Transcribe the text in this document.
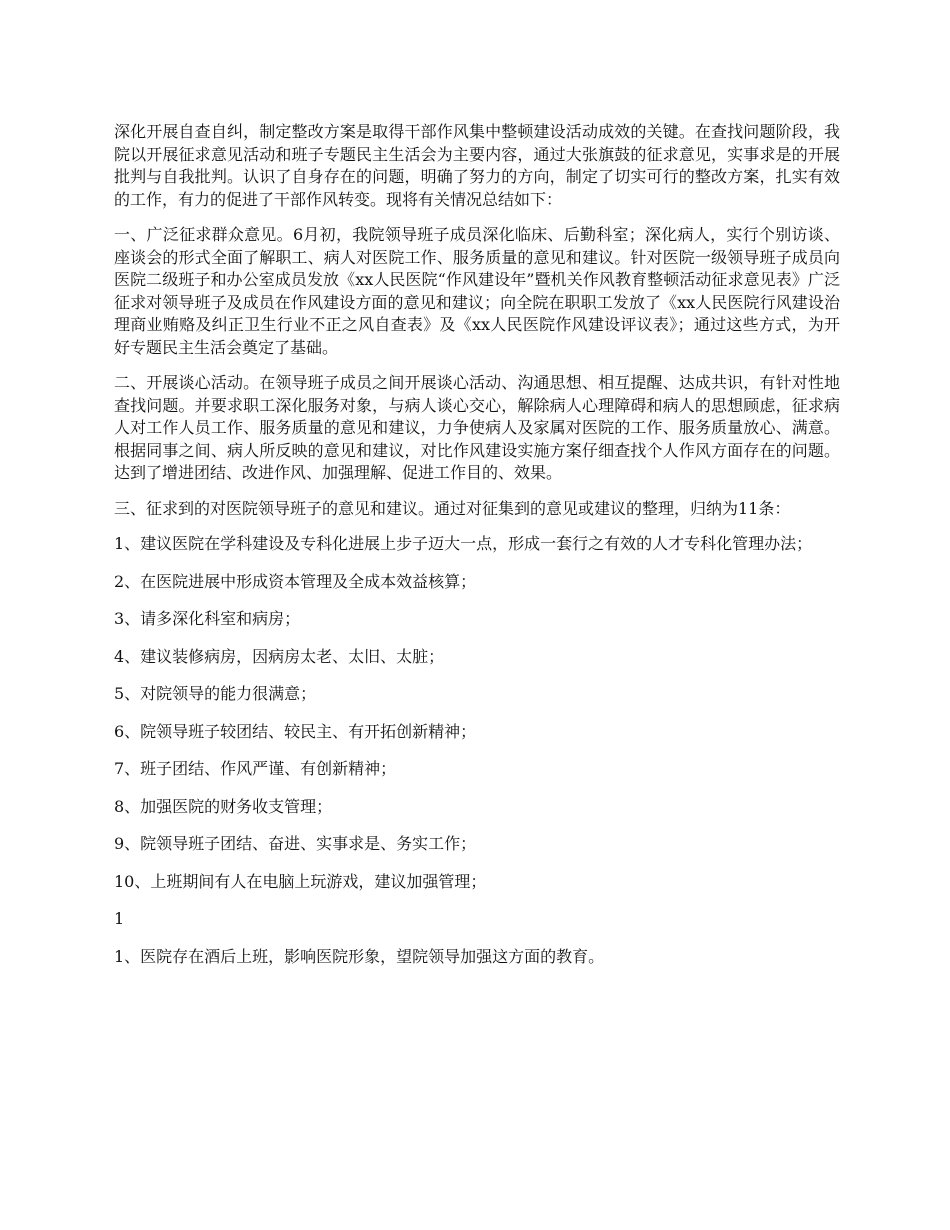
深化开展自查自纠，制定整改方案是取得干部作风集中整顿建设活动成效的关键。在查找问题阶段，我院以开展征求意见活动和班子专题民主生活会为主要内容，通过大张旗鼓的征求意见，实事求是的开展批判与自我批判。认识了自身存在的问题，明确了努力的方向，制定了切实可行的整改方案，扎实有效的工作，有力的促进了干部作风转变。现将有关情况总结如下：

一、广泛征求群众意见。6月初，我院领导班子成员深化临床、后勤科室；深化病人，实行个别访谈、座谈会的形式全面了解职工、病人对医院工作、服务质量的意见和建议。针对医院一级领导班子成员向医院二级班子和办公室成员发放《xx人民医院“作风建设年”暨机关作风教育整顿活动征求意见表》广泛征求对领导班子及成员在作风建设方面的意见和建议；向全院在职职工发放了《xx人民医院行风建设治理商业贿赂及纠正卫生行业不正之风自查表》及《xx人民医院作风建设评议表》；通过这些方式，为开好专题民主生活会奠定了基础。

二、开展谈心活动。在领导班子成员之间开展谈心活动、沟通思想、相互提醒、达成共识，有针对性地查找问题。并要求职工深化服务对象，与病人谈心交心，解除病人心理障碍和病人的思想顾虑，征求病人对工作人员工作、服务质量的意见和建议，力争使病人及家属对医院的工作、服务质量放心、满意。根据同事之间、病人所反映的意见和建议，对比作风建设实施方案仔细查找个人作风方面存在的问题。达到了增进团结、改进作风、加强理解、促进工作目的、效果。

三、征求到的对医院领导班子的意见和建议。通过对征集到的意见或建议的整理，归纳为11条：

1、建议医院在学科建设及专科化进展上步子迈大一点，形成一套行之有效的人才专科化管理办法；

2、在医院进展中形成资本管理及全成本效益核算；

3、请多深化科室和病房；

4、建议装修病房，因病房太老、太旧、太脏；

5、对院领导的能力很满意；

6、院领导班子较团结、较民主、有开拓创新精神；

7、班子团结、作风严谨、有创新精神；

8、加强医院的财务收支管理；

9、院领导班子团结、奋进、实事求是、务实工作；

10、上班期间有人在电脑上玩游戏，建议加强管理；

1

1、医院存在酒后上班，影响医院形象，望院领导加强这方面的教育。
